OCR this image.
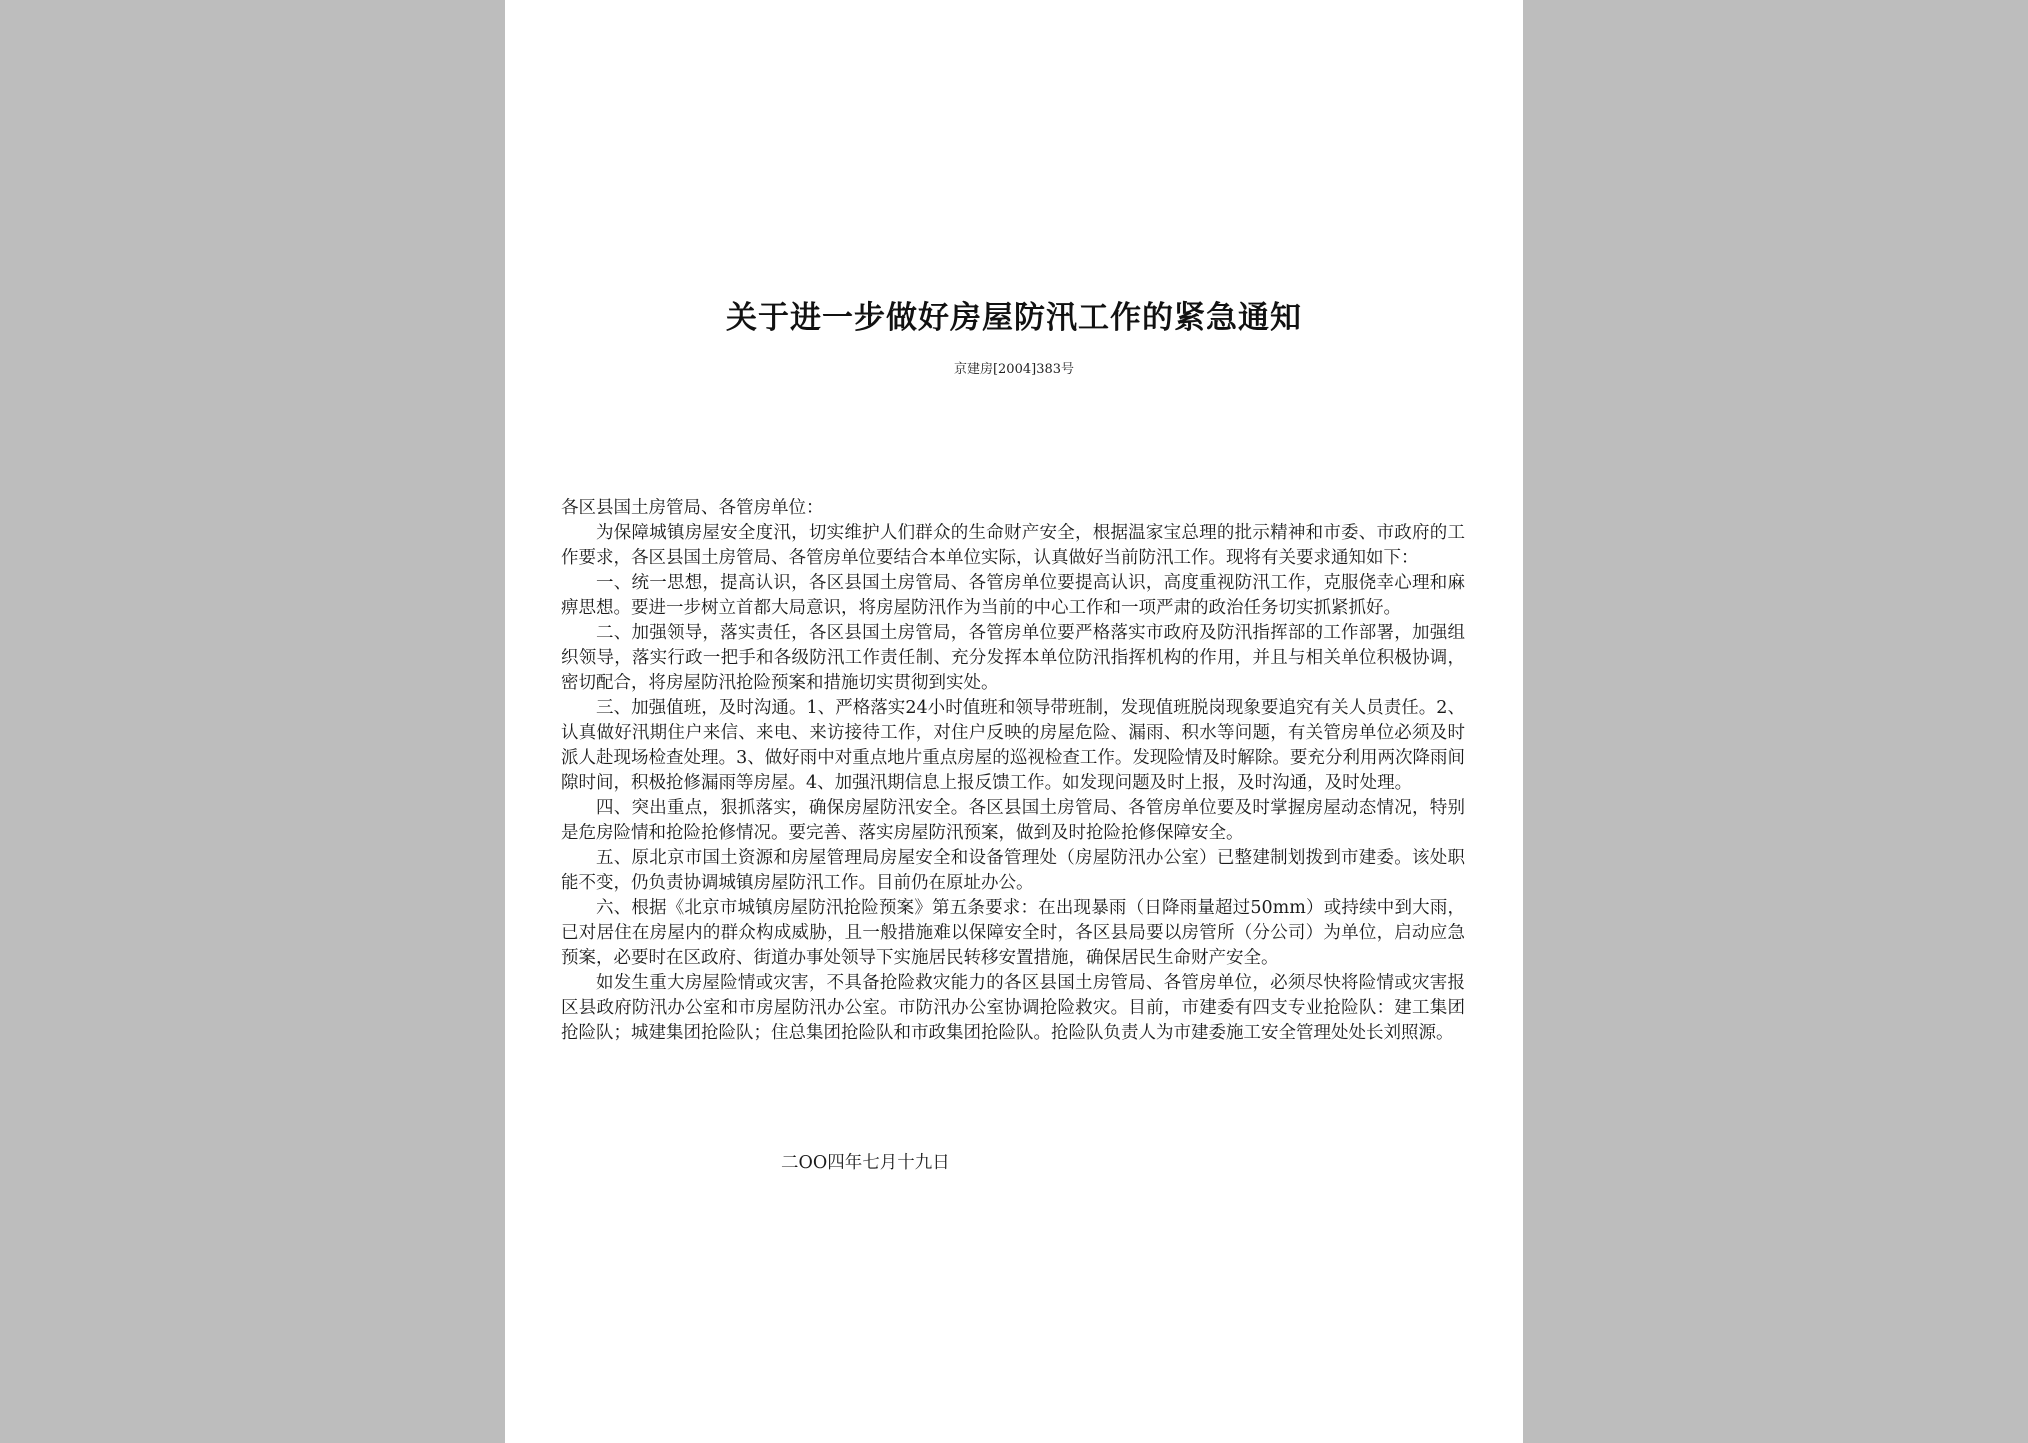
关于进一步做好房屋防汛工作的紧急通知
京建房[2004]383号

各区县国土房管局、各管房单位：

为保障城镇房屋安全度汛，切实维护人们群众的生命财产安全，根据温家宝总理的批示精神和市委、市政府的工作要求，各区县国土房管局、各管房单位要结合本单位实际，认真做好当前防汛工作。现将有关要求通知如下：

一、统一思想，提高认识，各区县国土房管局、各管房单位要提高认识，高度重视防汛工作，克服侥幸心理和麻痹思想。要进一步树立首都大局意识，将房屋防汛作为当前的中心工作和一项严肃的政治任务切实抓紧抓好。

二、加强领导，落实责任，各区县国土房管局，各管房单位要严格落实市政府及防汛指挥部的工作部署，加强组织领导，落实行政一把手和各级防汛工作责任制、充分发挥本单位防汛指挥机构的作用，并且与相关单位积极协调，密切配合，将房屋防汛抢险预案和措施切实贯彻到实处。

三、加强值班，及时沟通。1、严格落实24小时值班和领导带班制，发现值班脱岗现象要追究有关人员责任。2、认真做好汛期住户来信、来电、来访接待工作，对住户反映的房屋危险、漏雨、积水等问题，有关管房单位必须及时派人赴现场检查处理。3、做好雨中对重点地片重点房屋的巡视检查工作。发现险情及时解除。要充分利用两次降雨间隙时间，积极抢修漏雨等房屋。4、加强汛期信息上报反馈工作。如发现问题及时上报，及时沟通，及时处理。

四、突出重点，狠抓落实，确保房屋防汛安全。各区县国土房管局、各管房单位要及时掌握房屋动态情况，特别是危房险情和抢险抢修情况。要完善、落实房屋防汛预案，做到及时抢险抢修保障安全。

五、原北京市国土资源和房屋管理局房屋安全和设备管理处（房屋防汛办公室）已整建制划拨到市建委。该处职能不变，仍负责协调城镇房屋防汛工作。目前仍在原址办公。

六、根据《北京市城镇房屋防汛抢险预案》第五条要求：在出现暴雨（日降雨量超过50mm）或持续中到大雨，已对居住在房屋内的群众构成威胁，且一般措施难以保障安全时，各区县局要以房管所（分公司）为单位，启动应急预案，必要时在区政府、街道办事处领导下实施居民转移安置措施，确保居民生命财产安全。

如发生重大房屋险情或灾害，不具备抢险救灾能力的各区县国土房管局、各管房单位，必须尽快将险情或灾害报区县政府防汛办公室和市房屋防汛办公室。市防汛办公室协调抢险救灾。目前，市建委有四支专业抢险队：建工集团抢险队；城建集团抢险队；住总集团抢险队和市政集团抢险队。抢险队负责人为市建委施工安全管理处处长刘照源。

二OO四年七月十九日
